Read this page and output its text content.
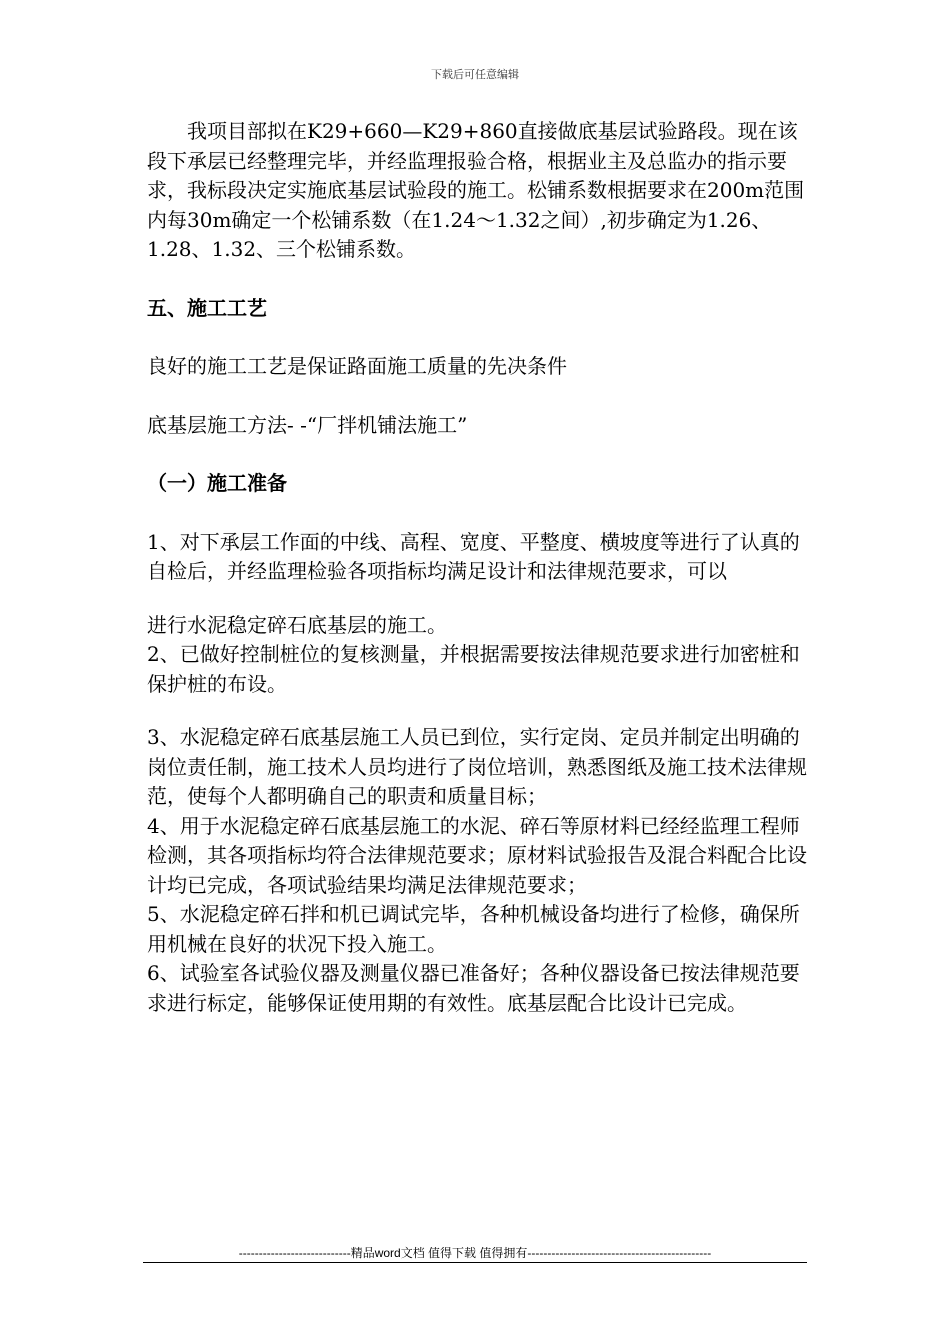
下载后可任意编辑

我项目部拟在K29+660—K29+860直接做底基层试验路段。现在该段下承层已经整理完毕，并经监理报验合格，根据业主及总监办的指示要求，我标段决定实施底基层试验段的施工。松铺系数根据要求在200m范围内每30m确定一个松铺系数（在1.24～1.32之间）,初步确定为1.26、1.28、1.32、三个松铺系数。

五、施工工艺

良好的施工工艺是保证路面施工质量的先决条件

底基层施工方法- -“厂拌机铺法施工”

（一）施工准备

1、对下承层工作面的中线、高程、宽度、平整度、横坡度等进行了认真的自检后，并经监理检验各项指标均满足设计和法律规范要求，可以

进行水泥稳定碎石底基层的施工。

2、已做好控制桩位的复核测量，并根据需要按法律规范要求进行加密桩和保护桩的布设。

3、水泥稳定碎石底基层施工人员已到位，实行定岗、定员并制定出明确的岗位责任制，施工技术人员均进行了岗位培训，熟悉图纸及施工技术法律规范，使每个人都明确自己的职责和质量目标；

4、用于水泥稳定碎石底基层施工的水泥、碎石等原材料已经经监理工程师检测，其各项指标均符合法律规范要求；原材料试验报告及混合料配合比设计均已完成，各项试验结果均满足法律规范要求；

5、水泥稳定碎石拌和机已调试完毕，各种机械设备均进行了检修，确保所用机械在良好的状况下投入施工。

6、试验室各试验仪器及测量仪器已准备好；各种仪器设备已按法律规范要求进行标定，能够保证使用期的有效性。底基层配合比设计已完成。

----------------------------精品word文档 值得下载 值得拥有----------------------------------------------
